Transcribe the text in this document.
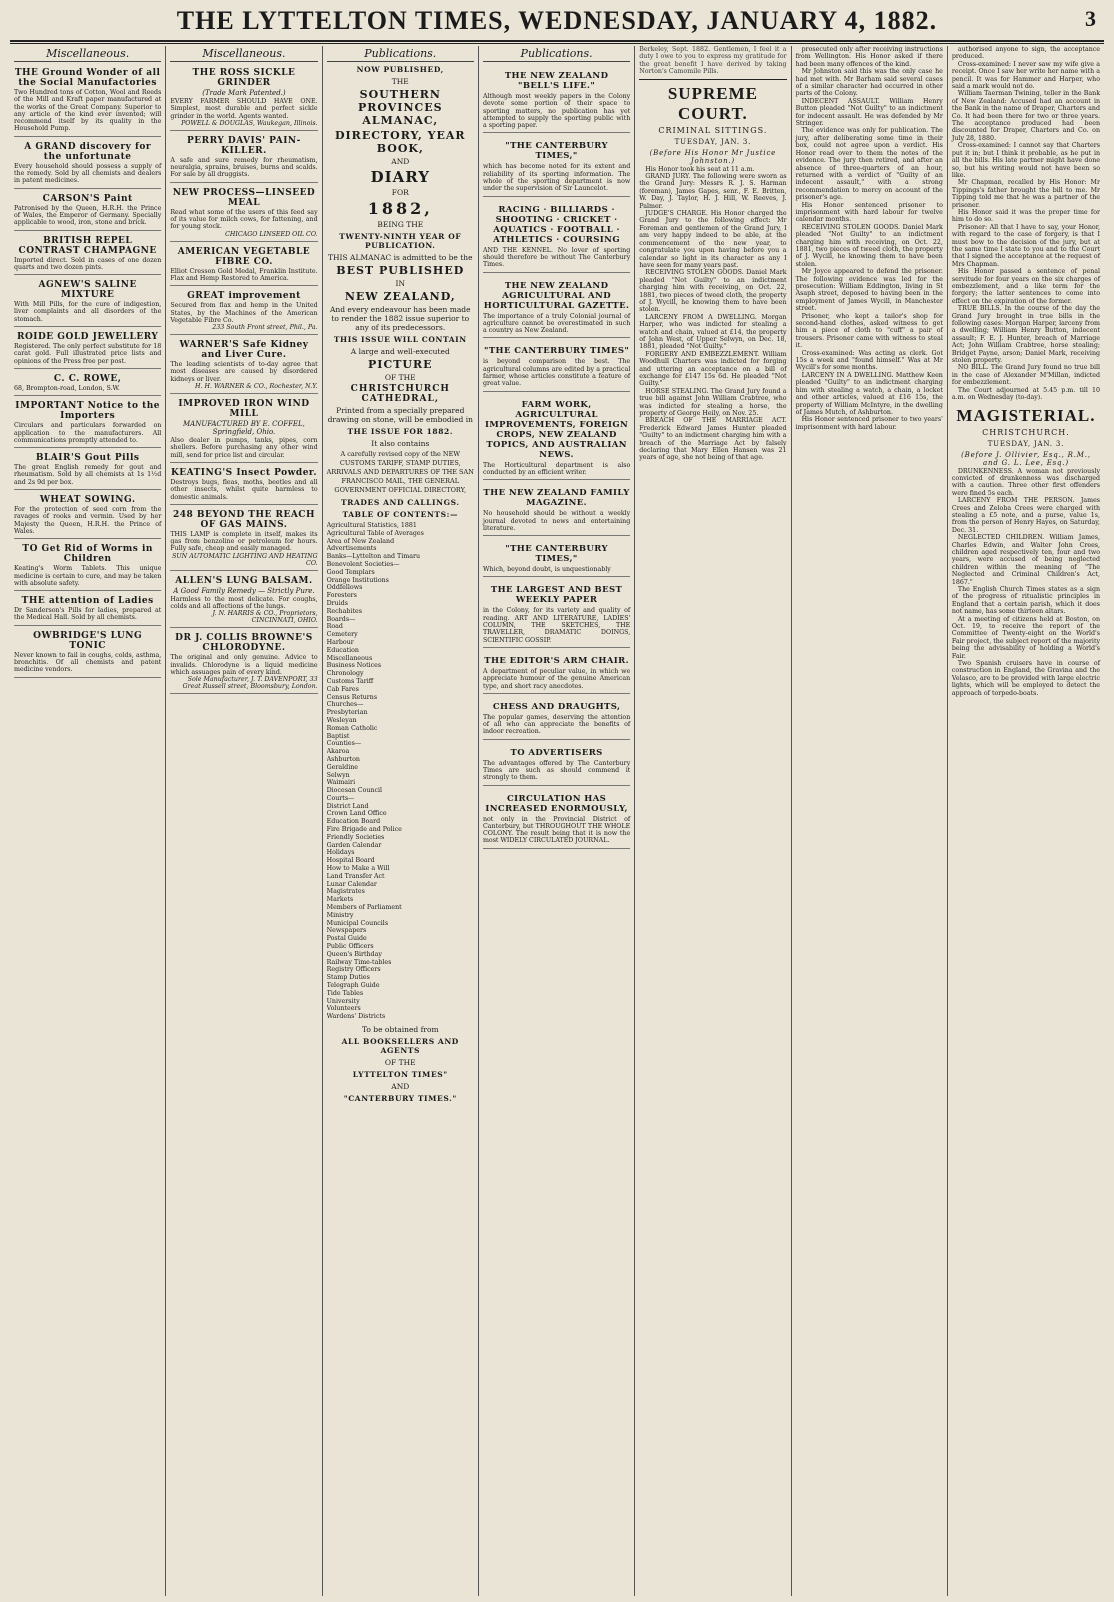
THE LYTTELTON TIMES, WEDNESDAY, JANUARY 4, 1882.	3
Miscellaneous.
THE Ground Wonder of all the Social Manufactories

Two Hundred tons of Cotton, Wool and Reeds of the Mill and Kraft paper manufactured at the works of the Great Company. Superior to any article of the kind ever invented; will recommend itself by its quality in the Household Pump.

A GRAND discovery for the unfortunate

Every household should possess a supply of the remedy. Sold by all chemists and dealers in patent medicines.

CARSON'S Paint

Patronised by the Queen, H.R.H. the Prince of Wales, the Emperor of Germany. Specially applicable to wood, iron, stone and brick.

BRITISH REPEL CONTRAST CHAMPAGNE

Imported direct. Sold in cases of one dozen quarts and two dozen pints.

AGNEW'S SALINE MIXTURE

With Mill Pills, for the cure of indigestion, liver complaints and all disorders of the stomach.

ROIDE GOLD JEWELLERY

Registered. The only perfect substitute for 18 carat gold. Full illustrated price lists and opinions of the Press free per post.

C. C. ROWE,

68, Brompton-road, London, S.W.

IMPORTANT Notice to the Importers

Circulars and particulars forwarded on application to the manufacturers. All communications promptly attended to.

BLAIR'S Gout Pills

The great English remedy for gout and rheumatism. Sold by all chemists at 1s 1½d and 2s 9d per box.

WHEAT SOWING.

For the protection of seed corn from the ravages of rooks and vermin. Used by her Majesty the Queen, H.R.H. the Prince of Wales.

TO Get Rid of Worms in Children

Keating's Worm Tablets. This unique medicine is certain to cure, and may be taken with absolute safety.

THE attention of Ladies

Dr Sanderson's Pills for ladies, prepared at the Medical Hall. Sold by all chemists.

OWBRIDGE'S LUNG TONIC

Never known to fail in coughs, colds, asthma, bronchitis. Of all chemists and patent medicine vendors.

Miscellaneous.
THE ROSS SICKLE GRINDER
(Trade Mark Patented.)

EVERY FARMER SHOULD HAVE ONE. Simplest, most durable and perfect sickle grinder in the world. Agents wanted.

POWELL & DOUGLAS, Waukegan, Illinois.
PERRY DAVIS' PAIN-KILLER.

A safe and sure remedy for rheumatism, neuralgia, sprains, bruises, burns and scalds. For sale by all druggists.

NEW PROCESS—LINSEED MEAL

Read what some of the users of this feed say of its value for milch cows, for fattening, and for young stock.

CHICAGO LINSEED OIL CO.
AMERICAN VEGETABLE FIBRE CO.

Elliot Cresson Gold Medal, Franklin Institute. Flax and Hemp Restored to America.

GREAT improvement

Secured from flax and hemp in the United States, by the Machines of the American Vegetable Fibre Co.

233 South Front street, Phil., Pa.
WARNER'S Safe Kidney and Liver Cure.

The leading scientists of to-day agree that most diseases are caused by disordered kidneys or liver.

H. H. WARNER & CO., Rochester, N.Y.
IMPROVED IRON WIND MILL
MANUFACTURED BY E. COFFEL, Springfield, Ohio.

Also dealer in pumps, tanks, pipes, corn shellers. Before purchasing any other wind mill, send for price list and circular.

KEATING'S Insect Powder.

Destroys bugs, fleas, moths, beetles and all other insects, whilst quite harmless to domestic animals.

248 BEYOND THE REACH OF GAS MAINS.

THIS LAMP is complete in itself, makes its gas from benzoline or petroleum for hours. Fully safe, cheap and easily managed.

SUN AUTOMATIC LIGHTING AND HEATING CO.
ALLEN'S LUNG BALSAM.
A Good Family Remedy — Strictly Pure.

Harmless to the most delicate. For coughs, colds and all affections of the lungs.

J. N. HARRIS & CO., Proprietors, CINCINNATI, OHIO.
DR J. COLLIS BROWNE'S CHLORODYNE.

The original and only genuine. Advice to invalids. Chlorodyne is a liquid medicine which assuages pain of every kind.

Sole Manufacturer, J. T. DAVENPORT, 33 Great Russell street, Bloomsbury, London.
Publications.
NOW PUBLISHED,
THE
SOUTHERN PROVINCES ALMANAC,
DIRECTORY, YEAR BOOK,
AND
DIARY
FOR
1882,
BEING THE
TWENTY-NINTH YEAR OF PUBLICATION.
THIS ALMANAC is admitted to be the
BEST PUBLISHED
IN
NEW ZEALAND,
And every endeavour has been made to render the 1882 issue superior to any of its predecessors.
THIS ISSUE WILL CONTAIN
A large and well-executed
PICTURE
OF THE
CHRISTCHURCH CATHEDRAL,
Printed from a specially prepared drawing on stone, will be embodied in
THE ISSUE FOR 1882.
It also contains
A carefully revised copy of the NEW CUSTOMS TARIFF, STAMP DUTIES, ARRIVALS AND DEPARTURES OF THE SAN FRANCISCO MAIL, THE GENERAL GOVERNMENT OFFICIAL DIRECTORY,
TRADES AND CALLINGS.
TABLE OF CONTENTS:—
Agricultural Statistics, 1881
Agricultural Table of Averages
Area of New Zealand
Advertisements
Banks—Lyttelton and Timaru
Benevolent Societies—
Good Templars
Orange Institutions
Oddfellows
Foresters
Druids
Rechabites
Boards—
Road
Cemetery
Harbour
Education
Miscellaneous
Business Notices
Chronology
Customs Tariff
Cab Fares
Census Returns
Churches—
Presbyterian
Wesleyan
Roman Catholic
Baptist
Counties—
Akaroa
Ashburton
Geraldine
Selwyn
Waimairi
Diocesan Council
Courts—
District Land
Crown Land Office
Education Board
Fire Brigade and Police
Friendly Societies
Garden Calendar
Holidays
Hospital Board
How to Make a Will
Land Transfer Act
Lunar Calendar
Magistrates
Markets
Members of Parliament
Ministry
Municipal Councils
Newspapers
Postal Guide
Public Officers
Queen's Birthday
Railway Time-tables
Registry Officers
Stamp Duties
Telegraph Guide
Tide Tables
University
Volunteers
Wardens' Districts
To be obtained from
ALL BOOKSELLERS AND AGENTS
OF THE
LYTTELTON TIMES"
AND
"CANTERBURY TIMES."
Publications.
THE NEW ZEALAND "BELL'S LIFE."

Although most weekly papers in the Colony devote some portion of their space to sporting matters, no publication has yet attempted to supply the sporting public with a sporting paper.

"THE CANTERBURY TIMES,"

which has become noted for its extent and reliability of its sporting information. The whole of the sporting department is now under the supervision of Sir Launcelot.

RACING · BILLIARDS · SHOOTING · CRICKET · AQUATICS · FOOTBALL · ATHLETICS · COURSING

AND THE KENNEL. No lover of sporting should therefore be without The Canterbury Times.

THE NEW ZEALAND AGRICULTURAL AND HORTICULTURAL GAZETTE.

The importance of a truly Colonial journal of agriculture cannot be overestimated in such a country as New Zealand.

"THE CANTERBURY TIMES"

is beyond comparison the best. The agricultural columns are edited by a practical farmer, whose articles constitute a feature of great value.

FARM WORK, AGRICULTURAL IMPROVEMENTS, FOREIGN CROPS, NEW ZEALAND TOPICS, AND AUSTRALIAN NEWS.

The Horticultural department is also conducted by an efficient writer.

THE NEW ZEALAND FAMILY MAGAZINE.

No household should be without a weekly journal devoted to news and entertaining literature.

"THE CANTERBURY TIMES,"

Which, beyond doubt, is unquestionably

THE LARGEST AND BEST WEEKLY PAPER

in the Colony, for its variety and quality of reading. ART AND LITERATURE, LADIES' COLUMN, THE SKETCHES, THE TRAVELLER, DRAMATIC DOINGS, SCIENTIFIC GOSSIP.

THE EDITOR'S ARM CHAIR.

A department of peculiar value, in which we appreciate humour of the genuine American type, and short racy anecdotes.

CHESS AND DRAUGHTS,

The popular games, deserving the attention of all who can appreciate the benefits of indoor recreation.

TO ADVERTISERS

The advantages offered by The Canterbury Times are such as should commend it strongly to them.

CIRCULATION HAS INCREASED ENORMOUSLY,

not only in the Provincial District of Canterbury, but THROUGHOUT THE WHOLE COLONY. The result being that it is now the most WIDELY CIRCULATED JOURNAL.

Berkeley, Sept. 1882. Gentlemen, I feel it a duty I owe to you to express my gratitude for the great benefit I have derived by taking Norton's Camomile Pills.
SUPREME COURT.
CRIMINAL SITTINGS.
TUESDAY, JAN. 3.
(Before His Honor Mr Justice Johnston.)

His Honor took his seat at 11 a.m.

GRAND JURY. The following were sworn as the Grand Jury: Messrs R. J. S. Harman (foreman), James Gapes, senr., F. E. Britten, W. Day, J. Taylor, H. J. Hill, W. Reeves, J. Palmer.

JUDGE'S CHARGE. His Honor charged the Grand Jury to the following effect: Mr Foreman and gentlemen of the Grand Jury, I am very happy indeed to be able, at the commencement of the new year, to congratulate you upon having before you a calendar so light in its character as any I have seen for many years past.

RECEIVING STOLEN GOODS. Daniel Mark pleaded "Not Guilty" to an indictment charging him with receiving, on Oct. 22, 1881, two pieces of tweed cloth, the property of J. Wycill, he knowing them to have been stolen.

LARCENY FROM A DWELLING. Morgan Harper, who was indicted for stealing a watch and chain, valued at £14, the property of John West, of Upper Selwyn, on Dec. 18, 1881, pleaded "Not Guilty."

FORGERY AND EMBEZZLEMENT. William Woodhull Charters was indicted for forging and uttering an acceptance on a bill of exchange for £147 15s 6d. He pleaded "Not Guilty."

HORSE STEALING. The Grand Jury found a true bill against John William Crabtree, who was indicted for stealing a horse, the property of George Heily, on Nov. 25.

BREACH OF THE MARRIAGE ACT. Frederick Edward James Hunter pleaded "Guilty" to an indictment charging him with a breach of the Marriage Act by falsely declaring that Mary Ellen Hansen was 21 years of age, she not being of that age.

prosecuted only after receiving instructions from Wellington. His Honor asked if there had been many offences of the kind.

Mr Johnston said this was the only case he had met with. Mr Barham said several cases of a similar character had occurred in other parts of the Colony.

INDECENT ASSAULT. William Henry Button pleaded "Not Guilty" to an indictment for indecent assault. He was defended by Mr Stringer.

The evidence was only for publication. The jury, after deliberating some time in their box, could not agree upon a verdict. His Honor read over to them the notes of the evidence. The jury then retired, and after an absence of three-quarters of an hour, returned with a verdict of "Guilty of an indecent assault," with a strong recommendation to mercy on account of the prisoner's age.

His Honor sentenced prisoner to imprisonment with hard labour for twelve calendar months.

RECEIVING STOLEN GOODS. Daniel Mark pleaded "Not Guilty" to an indictment charging him with receiving, on Oct. 22, 1881, two pieces of tweed cloth, the property of J. Wycill, he knowing them to have been stolen.

Mr Joyce appeared to defend the prisoner. The following evidence was led for the prosecution: William Eddington, living in St Asaph street, deposed to having been in the employment of James Wycill, in Manchester street.

Prisoner, who kept a tailor's shop for second-hand clothes, asked witness to get him a piece of cloth to "cuff" a pair of trousers. Prisoner came with witness to steal it.

Cross-examined: Was acting as clerk. Got 15s a week and "found himself." Was at Mr Wycill's for some months.

LARCENY IN A DWELLING. Matthew Keen pleaded "Guilty" to an indictment charging him with stealing a watch, a chain, a locket and other articles, valued at £16 15s, the property of William McIntyre, in the dwelling of James Mutch, of Ashburton.

His Honor sentenced prisoner to two years' imprisonment with hard labour.

authorised anyone to sign, the acceptance produced.

Cross-examined: I never saw my wife give a receipt. Once I saw her write her name with a pencil. It was for Hammer and Harper, who said a mark would not do.

William Taerman Twining, teller in the Bank of New Zealand: Accused had an account in the Bank in the name of Draper, Charters and Co. It had been there for two or three years. The acceptance produced had been discounted for Draper, Charters and Co. on July 28, 1880.

Cross-examined: I cannot say that Charters put it in; but I think it probable, as he put in all the bills. His late partner might have done so, but his writing would not have been so like.

Mr Chapman, recalled by His Honor: Mr Tippings's father brought the bill to me. Mr Tipping told me that he was a partner of the prisoner.

His Honor said it was the proper time for him to do so.

Prisoner: All that I have to say, your Honor, with regard to the case of forgery, is that I must bow to the decision of the jury, but at the same time I state to you and to the Court that I signed the acceptance at the request of Mrs Chapman.

His Honor passed a sentence of penal servitude for four years on the six charges of embezzlement, and a like term for the forgery; the latter sentences to come into effect on the expiration of the former.

TRUE BILLS. In the course of the day the Grand Jury brought in true bills in the following cases: Morgan Harper, larceny from a dwelling; William Henry Button, indecent assault; F. E. J. Hunter, breach of Marriage Act; John William Crabtree, horse stealing; Bridget Payne, arson; Daniel Mark, receiving stolen property.

NO BILL. The Grand Jury found no true bill in the case of Alexander M'Millan, indicted for embezzlement.

The Court adjourned at 5.45 p.m. till 10 a.m. on Wednesday (to-day).

MAGISTERIAL.
CHRISTCHURCH.
TUESDAY, JAN. 3.
(Before J. Ollivier, Esq., R.M., and G. L. Lee, Esq.)

DRUNKENNESS. A woman not previously convicted of drunkenness was discharged with a caution. Three other first offenders were fined 5s each.

LARCENY FROM THE PERSON. James Crees and Zeloba Crees were charged with stealing a £5 note, and a purse, value 1s, from the person of Henry Hayes, on Saturday, Dec. 31.

NEGLECTED CHILDREN. William James, Charles Edwin, and Walter John Crees, children aged respectively ten, four and two years, were accused of being neglected children within the meaning of "The Neglected and Criminal Children's Act, 1867."

The English Church Times states as a sign of the progress of ritualistic principles in England that a certain parish, which it does not name, has some thirteen altars.

At a meeting of citizens held at Boston, on Oct. 19, to receive the report of the Committee of Twenty-eight on the World's Fair project, the subject report of the majority being the advisability of holding a World's Fair.

Two Spanish cruisers have in course of construction in England, the Gravina and the Velasco, are to be provided with large electric lights, which will be employed to detect the approach of torpedo-boats.
